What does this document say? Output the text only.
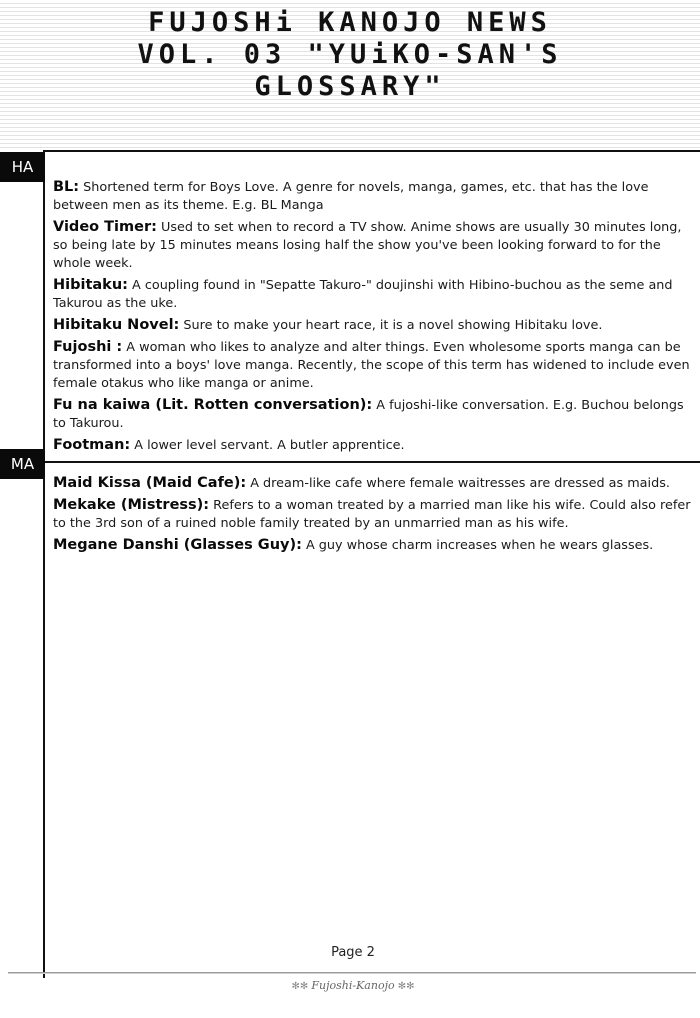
FUJOSHi KANOJO NEWS
VOL. 03 "YUiKO-SAN'S
GLOSSARY"
HA

BL: Shortened term for Boys Love. A genre for novels, manga, games, etc. that has the love between men as its theme. E.g. BL Manga

Video Timer: Used to set when to record a TV show. Anime shows are usually 30 minutes long, so being late by 15 minutes means losing half the show you've been looking forward to for the whole week.

Hibitaku: A coupling found in "Sepatte Takuro-" doujinshi with Hibino-buchou as the seme and Takurou as the uke.

Hibitaku Novel: Sure to make your heart race, it is a novel showing Hibitaku love.

Fujoshi : A woman who likes to analyze and alter things. Even wholesome sports manga can be transformed into a boys' love manga. Recently, the scope of this term has widened to include even female otakus who like manga or anime.

Fu na kaiwa (Lit. Rotten conversation): A fujoshi-like conversation. E.g. Buchou belongs to Takurou.

Footman: A lower level servant. A butler apprentice.

MA

Maid Kissa (Maid Cafe): A dream-like cafe where female waitresses are dressed as maids.

Mekake (Mistress): Refers to a woman treated by a married man like his wife. Could also refer to the 3rd son of a ruined noble family treated by an unmarried man as his wife.

Megane Danshi (Glasses Guy): A guy whose charm increases when he wears glasses.

Page 2
✻✻ Fujoshi-Kanojo ✻✻
